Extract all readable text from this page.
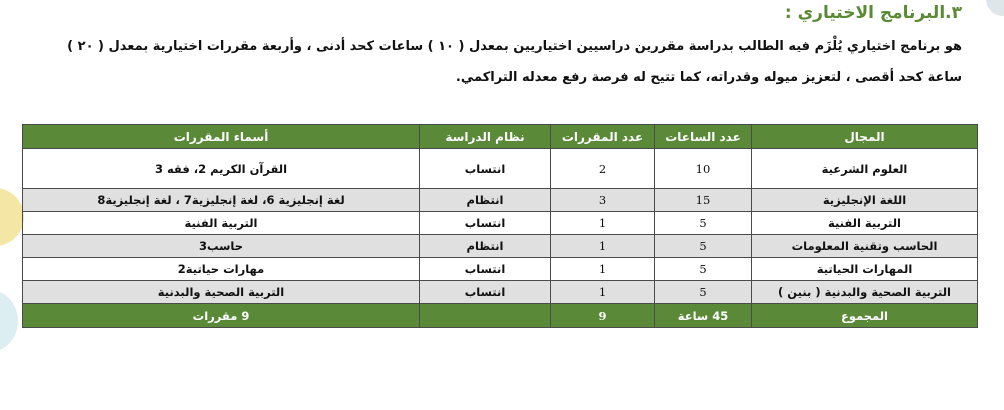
٣.البرنامج الاختياري :
هو برنامج اختياري يُلْزَم فيه الطالب بدراسة مقررين دراسيين اختياريين بمعدل ( ١٠ ) ساعات كحد أدنى ، وأربعة مقررات اختيارية بمعدل ( ٢٠ ) ساعة كحد أقصى ، لتعزيز ميوله وقدراته، كما تتيح له فرصة رفع معدله التراكمي.
المجال	عدد الساعات	عدد المقررات	نظام الدراسة	أسماء المقررات
العلوم الشرعية	10	2	انتساب	القرآن الكريم 2، فقه 3
اللغة الإنجليزية	15	3	انتظام	لغة إنجليزية 6، لغة إنجليزية7 ، لغة إنجليزية8
التربية الفنية	5	1	انتساب	التربية الفنية
الحاسب وتقنية المعلومات	5	1	انتظام	حاسب3
المهارات الحياتية	5	1	انتساب	مهارات حياتية2
التربية الصحية والبدنية ( بنين )	5	1	انتساب	التربية الصحية والبدنية
المجموع	45 ساعة	9		9 مقررات
